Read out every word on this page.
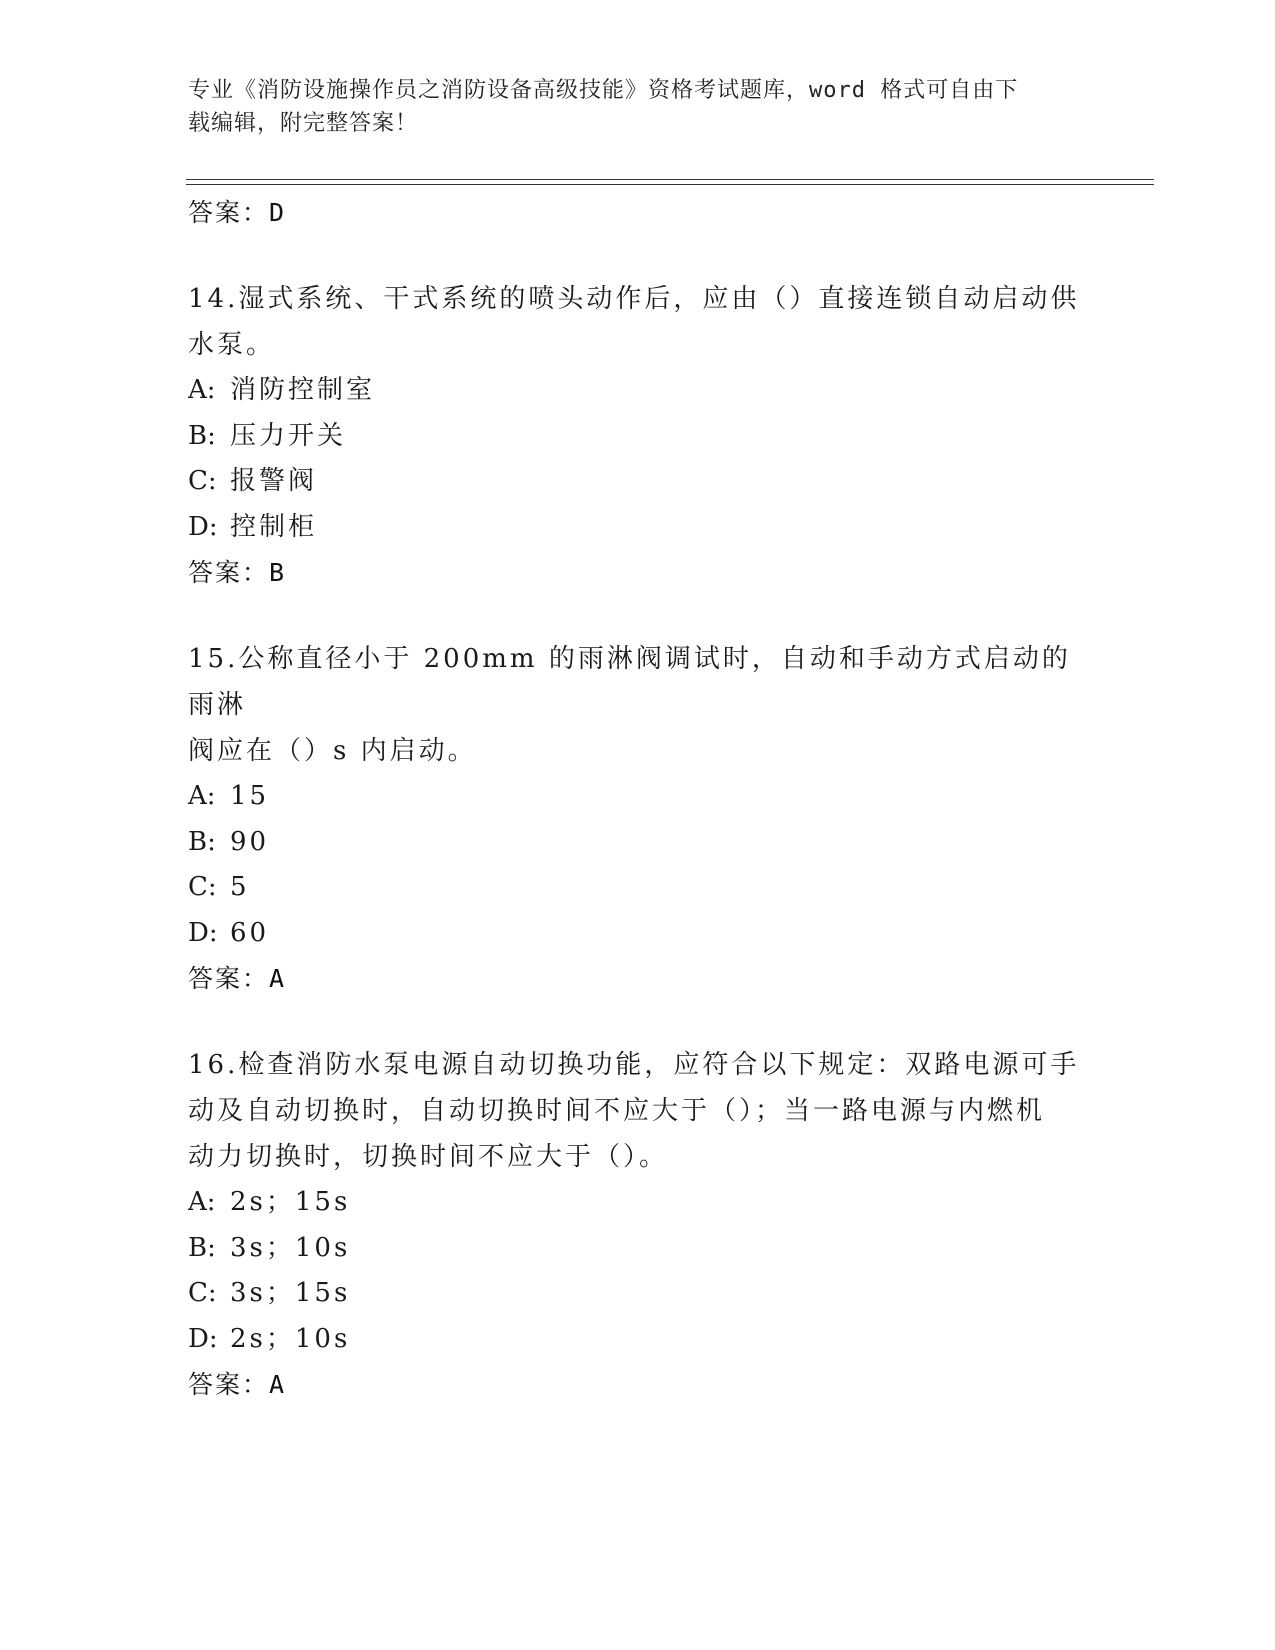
专业《消防设施操作员之消防设备高级技能》资格考试题库，word 格式可自由下
载编辑，附完整答案！
答案：D
14.湿式系统、干式系统的喷头动作后，应由（）直接连锁自动启动供
水泵。
A: 消防控制室
B: 压力开关
C: 报警阀
D: 控制柜
答案：B
15.公称直径小于 200mm 的雨淋阀调试时，自动和手动方式启动的雨淋
阀应在（）s 内启动。
A: 15
B: 90
C: 5
D: 60
答案：A
16.检查消防水泵电源自动切换功能，应符合以下规定：双路电源可手
动及自动切换时，自动切换时间不应大于（）；当一路电源与内燃机
动力切换时，切换时间不应大于（）。
A: 2s；15s
B: 3s；10s
C: 3s；15s
D: 2s；10s
答案：A
